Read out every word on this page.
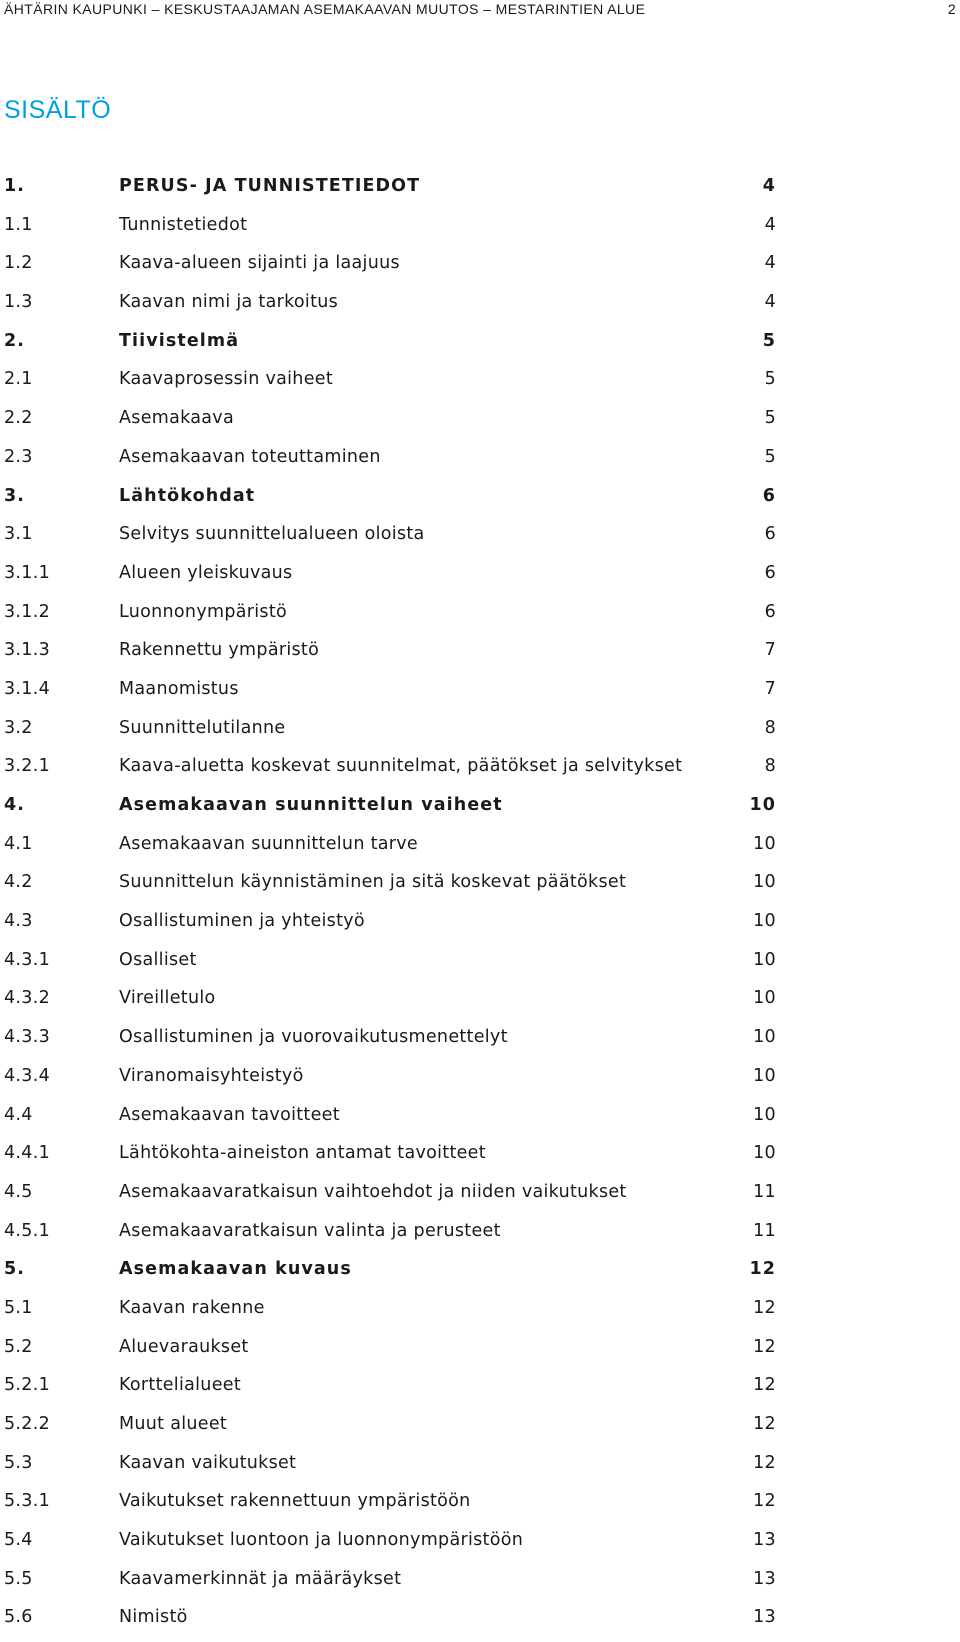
ÄHTÄRIN KAUPUNKI – KESKUSTAAJAMAN ASEMAKAAVAN MUUTOS – MESTARINTIEN ALUE	2
SISÄLTÖ
1.	PERUS- JA TUNNISTETIEDOT	4
1.1	Tunnistetiedot	4
1.2	Kaava-alueen sijainti ja laajuus	4
1.3	Kaavan nimi ja tarkoitus	4
2.	Tiivistelmä	5
2.1	Kaavaprosessin vaiheet	5
2.2	Asemakaava	5
2.3	Asemakaavan toteuttaminen	5
3.	Lähtökohdat	6
3.1	Selvitys suunnittelualueen oloista	6
3.1.1	Alueen yleiskuvaus	6
3.1.2	Luonnonympäristö	6
3.1.3	Rakennettu ympäristö	7
3.1.4	Maanomistus	7
3.2	Suunnittelutilanne	8
3.2.1	Kaava-aluetta koskevat suunnitelmat, päätökset ja selvitykset	8
4.	Asemakaavan suunnittelun vaiheet	10
4.1	Asemakaavan suunnittelun tarve	10
4.2	Suunnittelun käynnistäminen ja sitä koskevat päätökset	10
4.3	Osallistuminen ja yhteistyö	10
4.3.1	Osalliset	10
4.3.2	Vireilletulo	10
4.3.3	Osallistuminen ja vuorovaikutusmenettelyt	10
4.3.4	Viranomaisyhteistyö	10
4.4	Asemakaavan tavoitteet	10
4.4.1	Lähtökohta-aineiston antamat tavoitteet	10
4.5	Asemakaavaratkaisun vaihtoehdot ja niiden vaikutukset	11
4.5.1	Asemakaavaratkaisun valinta ja perusteet	11
5.	Asemakaavan kuvaus	12
5.1	Kaavan rakenne	12
5.2	Aluevaraukset	12
5.2.1	Korttelialueet	12
5.2.2	Muut alueet	12
5.3	Kaavan vaikutukset	12
5.3.1	Vaikutukset rakennettuun ympäristöön	12
5.4	Vaikutukset luontoon ja luonnonympäristöön	13
5.5	Kaavamerkinnät ja määräykset	13
5.6	Nimistö	13
